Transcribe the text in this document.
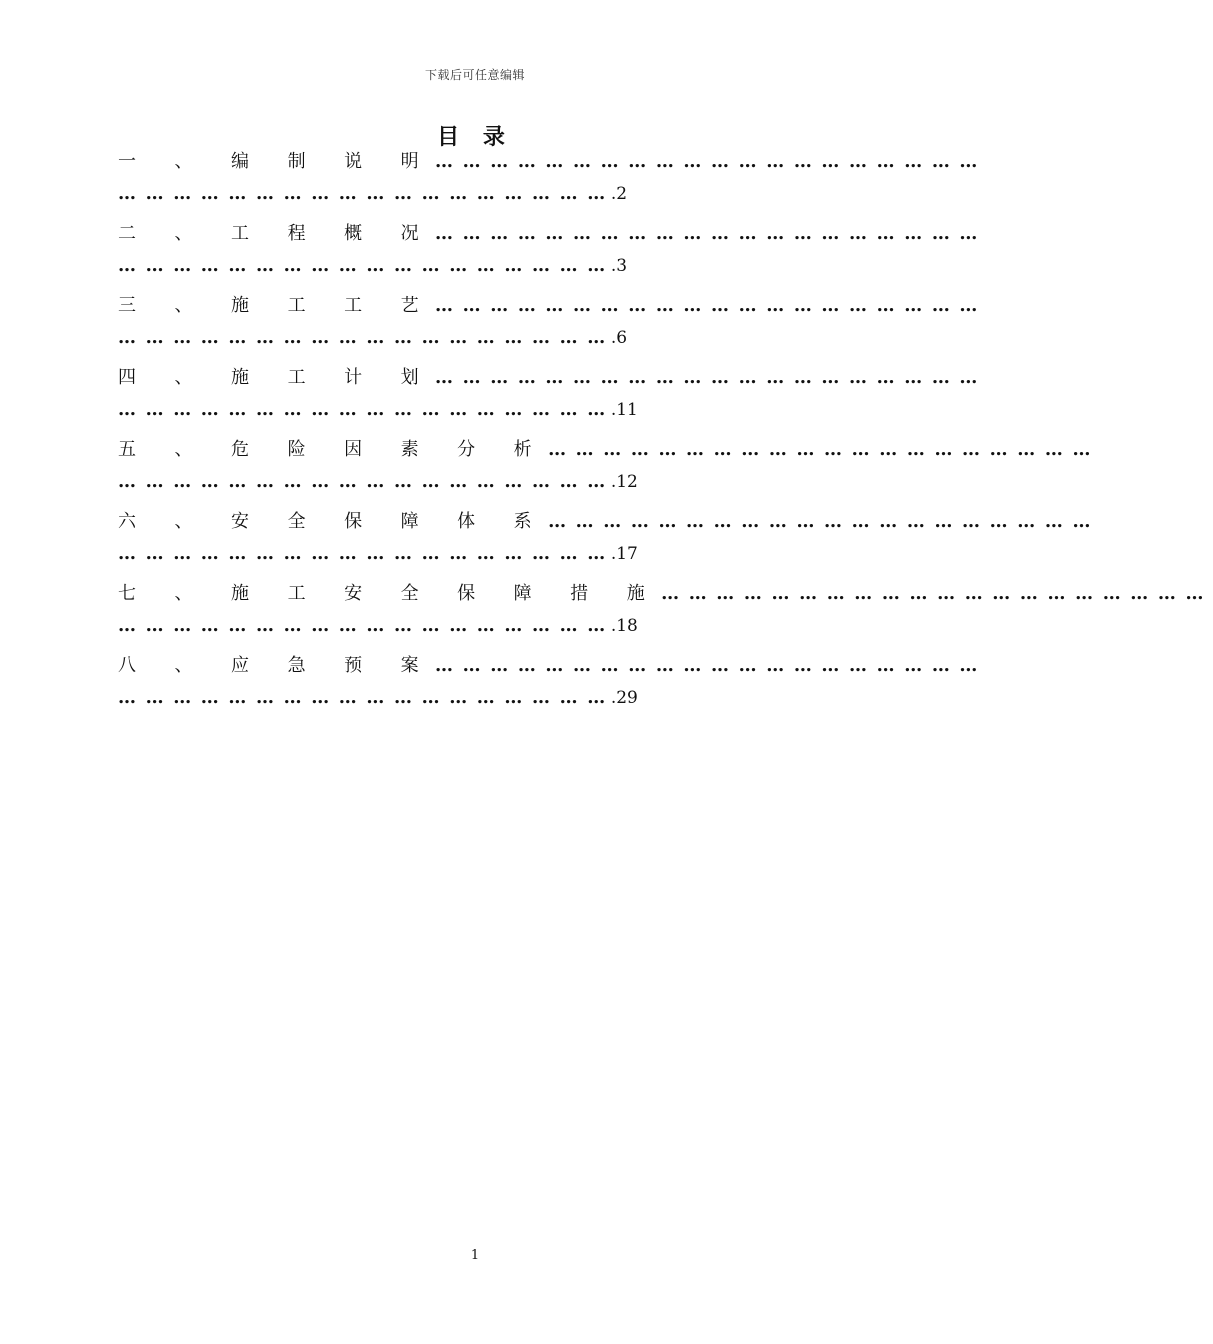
下载后可任意编辑
目 录
一 、 编 制 说 明……………………………………………………
……………………………………………….2
二 、 工 程 概 况……………………………………………………
……………………………………………….3
三 、 施 工 工 艺……………………………………………………
……………………………………………….6
四 、 施 工 计 划……………………………………………………
……………………………………………….11
五 、 危 险 因 素 分 析……………………………………………………
……………………………………………….12
六 、 安 全 保 障 体 系……………………………………………………
……………………………………………….17
七 、 施 工 安 全 保 障 措 施……………………………………………………
……………………………………………….18
八 、 应 急 预 案……………………………………………………
……………………………………………….29
1
